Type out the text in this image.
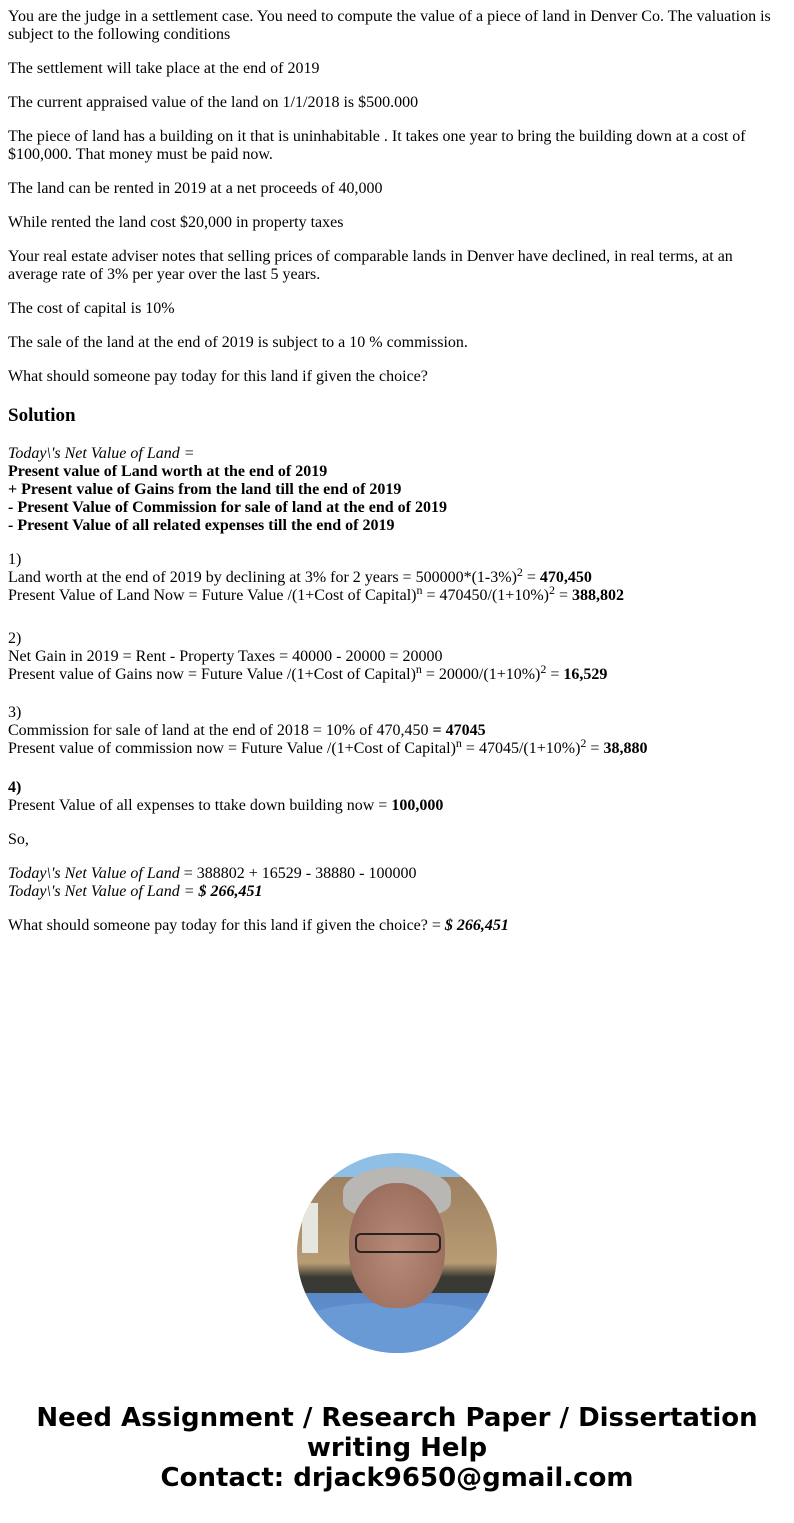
You are the judge in a settlement case. You need to compute the value of a piece of land in Denver Co. The valuation is subject to the following conditions

The settlement will take place at the end of 2019

The current appraised value of the land on 1/1/2018 is $500.000

The piece of land has a building on it that is uninhabitable . It takes one year to bring the building down at a cost of $100,000. That money must be paid now.

The land can be rented in 2019 at a net proceeds of 40,000

While rented the land cost $20,000 in property taxes

Your real estate adviser notes that selling prices of comparable lands in Denver have declined, in real terms, at an average rate of 3% per year over the last 5 years.

The cost of capital is 10%

The sale of the land at the end of 2019 is subject to a 10 % commission.

What should someone pay today for this land if given the choice?

Solution
Today\'s Net Value of Land =
Present value of Land worth at the end of 2019
+ Present value of Gains from the land till the end of 2019
- Present Value of Commission for sale of land at the end of 2019
- Present Value of all related expenses till the end of 2019
1)
Land worth at the end of 2019 by declining at 3% for 2 years = $500000*(1-3\%)^2 = 470,450$
Present Value of Land Now = Future Value /(1+Cost of Capital)$^n$ = $470450/(1+10\%)^2 = 388,802$
2)
Net Gain in 2019 = Rent - Property Taxes = 40000 - 20000 = 20000
Present value of Gains now = Future Value /(1+Cost of Capital)$^n$ = $20000/(1+10\%)^2 = 16,529$
3)
Commission for sale of land at the end of 2018 = 10% of 470,450 = 47045
Present value of commission now = Future Value /(1+Cost of Capital)$^n$ = $47045/(1+10\%)^2 = 38,880$
4)
Present Value of all expenses to ttake down building now = 100,000
So,
Today\'s Net Value of Land = 388802 + 16529 - 38880 - 100000
Today\'s Net Value of Land = $ 266,451
What should someone pay today for this land if given the choice? = $ 266,451
Need Assignment / Research Paper / Dissertation
writing Help
Contact: drjack9650@gmail.com
